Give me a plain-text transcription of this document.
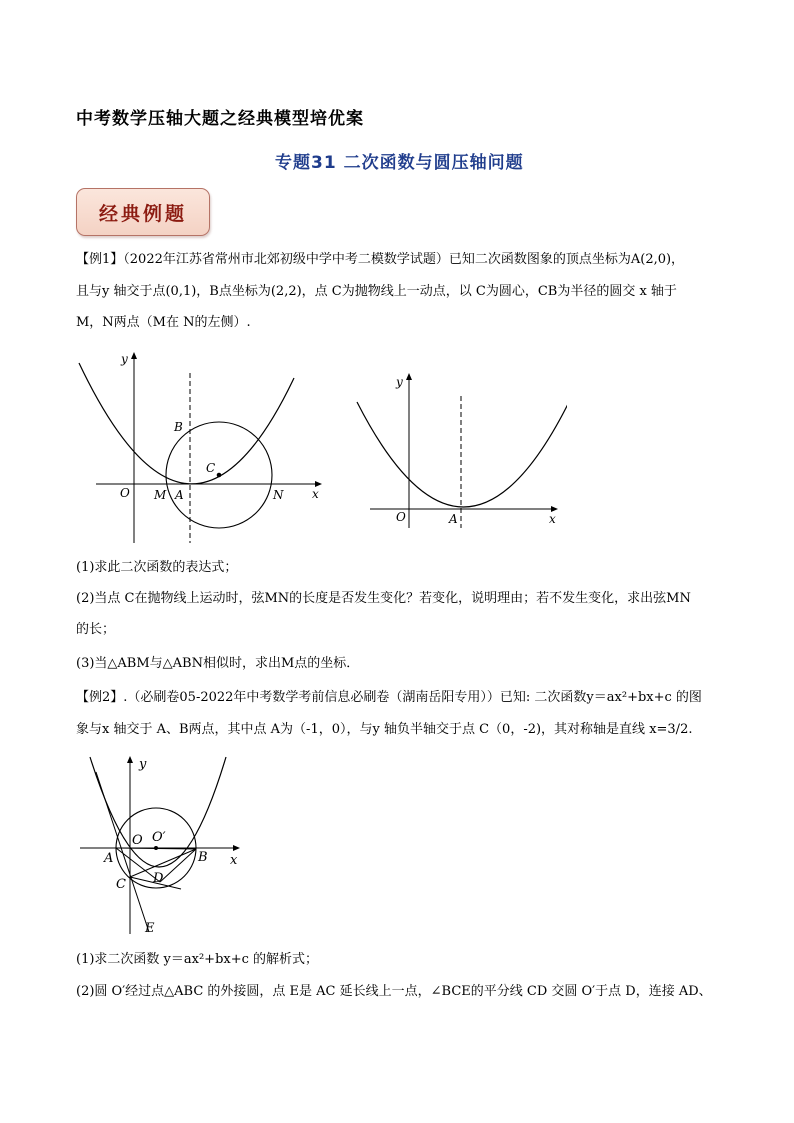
中考数学压轴大题之经典模型培优案
专题31 二次函数与圆压轴问题
经典例题
【例1】（2022年江苏省常州市北郊初级中学中考二模数学试题）已知二次函数图象的顶点坐标为A(2,0)，
且与y 轴交于点(0,1)，B点坐标为(2,2)，点 C为抛物线上一动点，以 C为圆心，CB为半径的圆交 x 轴于
M，N两点（M在 N的左侧）.
y
x
O M A	N
B
C
y
x
O	A
(1)求此二次函数的表达式；
(2)当点 C在抛物线上运动时，弦MN的长度是否发生变化？若变化，说明理由；若不发生变化，求出弦MN
的长；
(3)当△ABM与△ABN相似时，求出M点的坐标．
【例2】.（必刷卷05-2022年中考数学考前信息必刷卷（湖南岳阳专用））已知: 二次函数y＝ax²+bx+c 的图
象与x 轴交于 A、B两点，其中点 A为（-1，0），与y 轴负半轴交于点 C（0，-2)，其对称轴是直线 x=3/2.
y
x
O O′
A	B
C D
E
(1)求二次函数 y＝ax²+bx+c 的解析式；
(2)圆 O′经过点△ABC 的外接圆，点 E是 AC 延长线上一点，∠BCE的平分线 CD 交圆 O′于点 D，连接 AD、
